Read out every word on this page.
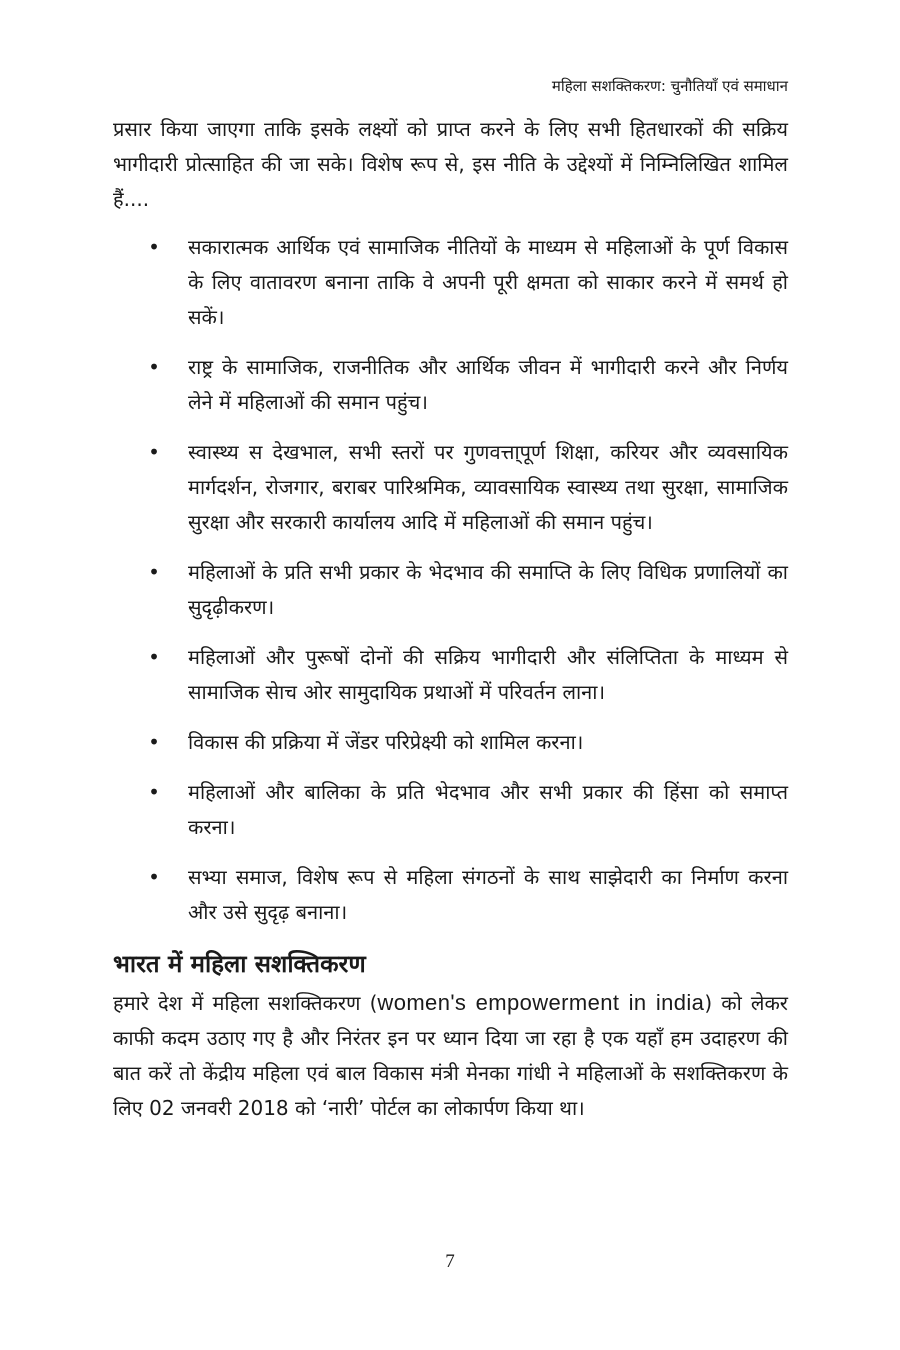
महिला सशक्तिकरण: चुनौतियाँ एवं समाधान

प्रसार किया जाएगा ताकि इसके लक्ष्यों को प्राप्त करने के लिए सभी हितधारकों की सक्रिय भागीदारी प्रोत्साहित की जा सके। विशेष रूप से, इस नीति के उद्देश्यों में निम्निलिखित शामिल हैं....

• सकारात्मक आर्थिक एवं सामाजिक नीतियों के माध्यम से महिलाओं के पूर्ण विकास के लिए वातावरण बनाना ताकि वे अपनी पूरी क्षमता को साकार करने में समर्थ हो सकें।
• राष्ट्र के सामाजिक, राजनीतिक और आर्थिक जीवन में भागीदारी करने और निर्णय लेने में महिलाओं की समान पहुंच।
• स्वास्थ्य स देखभाल, सभी स्तरों पर गुणवत्ता्पूर्ण शिक्षा, करियर और व्यवसायिक मार्गदर्शन, रोजगार, बराबर पारिश्रमिक, व्यावसायिक स्वास्थ्य तथा सुरक्षा, सामाजिक सुरक्षा और सरकारी कार्यालय आदि में महिलाओं की समान पहुंच।
• महिलाओं के प्रति सभी प्रकार के भेदभाव की समाप्ति के लिए विधिक प्रणालियों का सुदृढ़ीकरण।
• महिलाओं और पुरूषों दोनों की सक्रिय भागीदारी और संलिप्तिता के माध्यम से सामाजिक सेाच ओर सामुदायिक प्रथाओं में परिवर्तन लाना।
• विकास की प्रक्रिया में जेंडर परिप्रेक्ष्यी को शामिल करना।
• महिलाओं और बालिका के प्रति भेदभाव और सभी प्रकार की हिंसा को समाप्त करना।
• सभ्या समाज, विशेष रूप से महिला संगठनों के साथ साझेदारी का निर्माण करना और उसे सुदृढ़ बनाना।
भारत में महिला सशक्तिकरण

हमारे देश में महिला सशक्तिकरण (women's empowerment in india) को लेकर काफी कदम उठाए गए है और निरंतर इन पर ध्यान दिया जा रहा है एक यहाँ हम उदाहरण की बात करें तो केंद्रीय महिला एवं बाल विकास मंत्री मेनका गांधी ने महिलाओं के सशक्तिकरण के लिए 02 जनवरी 2018 को ‘नारी’ पोर्टल का लोकार्पण किया था।

7
